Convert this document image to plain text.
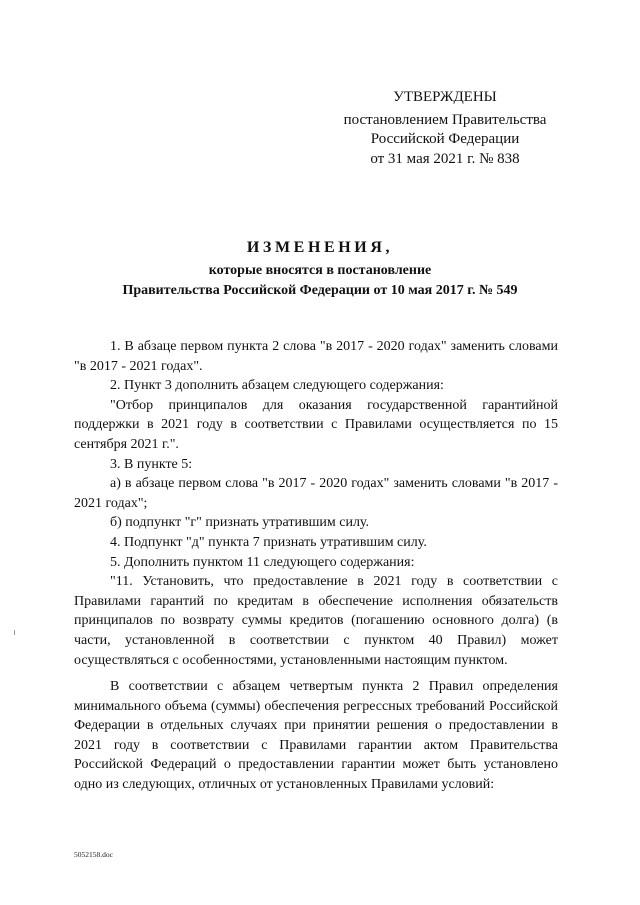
УТВЕРЖДЕНЫ
постановлением Правительства
Российской Федерации
от 31 мая 2021 г. № 838
ИЗМЕНЕНИЯ,
которые вносятся в постановление
Правительства Российской Федерации от 10 мая 2017 г. № 549

1. В абзаце первом пункта 2 слова "в 2017 - 2020 годах" заменить словами "в 2017 - 2021 годах".

2. Пункт 3 дополнить абзацем следующего содержания:

"Отбор принципалов для оказания государственной гарантийной поддержки в 2021 году в соответствии с Правилами осуществляется по 15 сентября 2021 г.".

3. В пункте 5:

а) в абзаце первом слова "в 2017 - 2020 годах" заменить словами "в 2017 - 2021 годах";

б) подпункт "г" признать утратившим силу.

4. Подпункт "д" пункта 7 признать утратившим силу.

5. Дополнить пунктом 11 следующего содержания:

"11. Установить, что предоставление в 2021 году в соответствии с Правилами гарантий по кредитам в обеспечение исполнения обязательств принципалов по возврату суммы кредитов (погашению основного долга) (в части, установленной в соответствии с пунктом 40 Правил) может осуществляться с особенностями, установленными настоящим пунктом.

В соответствии с абзацем четвертым пункта 2 Правил определения минимального объема (суммы) обеспечения регрессных требований Российской Федерации в отдельных случаях при принятии решения о предоставлении в 2021 году в соответствии с Правилами гарантии актом Правительства Российской Федераций о предоставлении гарантии может быть установлено одно из следующих, отличных от установленных Правилами условий:

5052158.doc
